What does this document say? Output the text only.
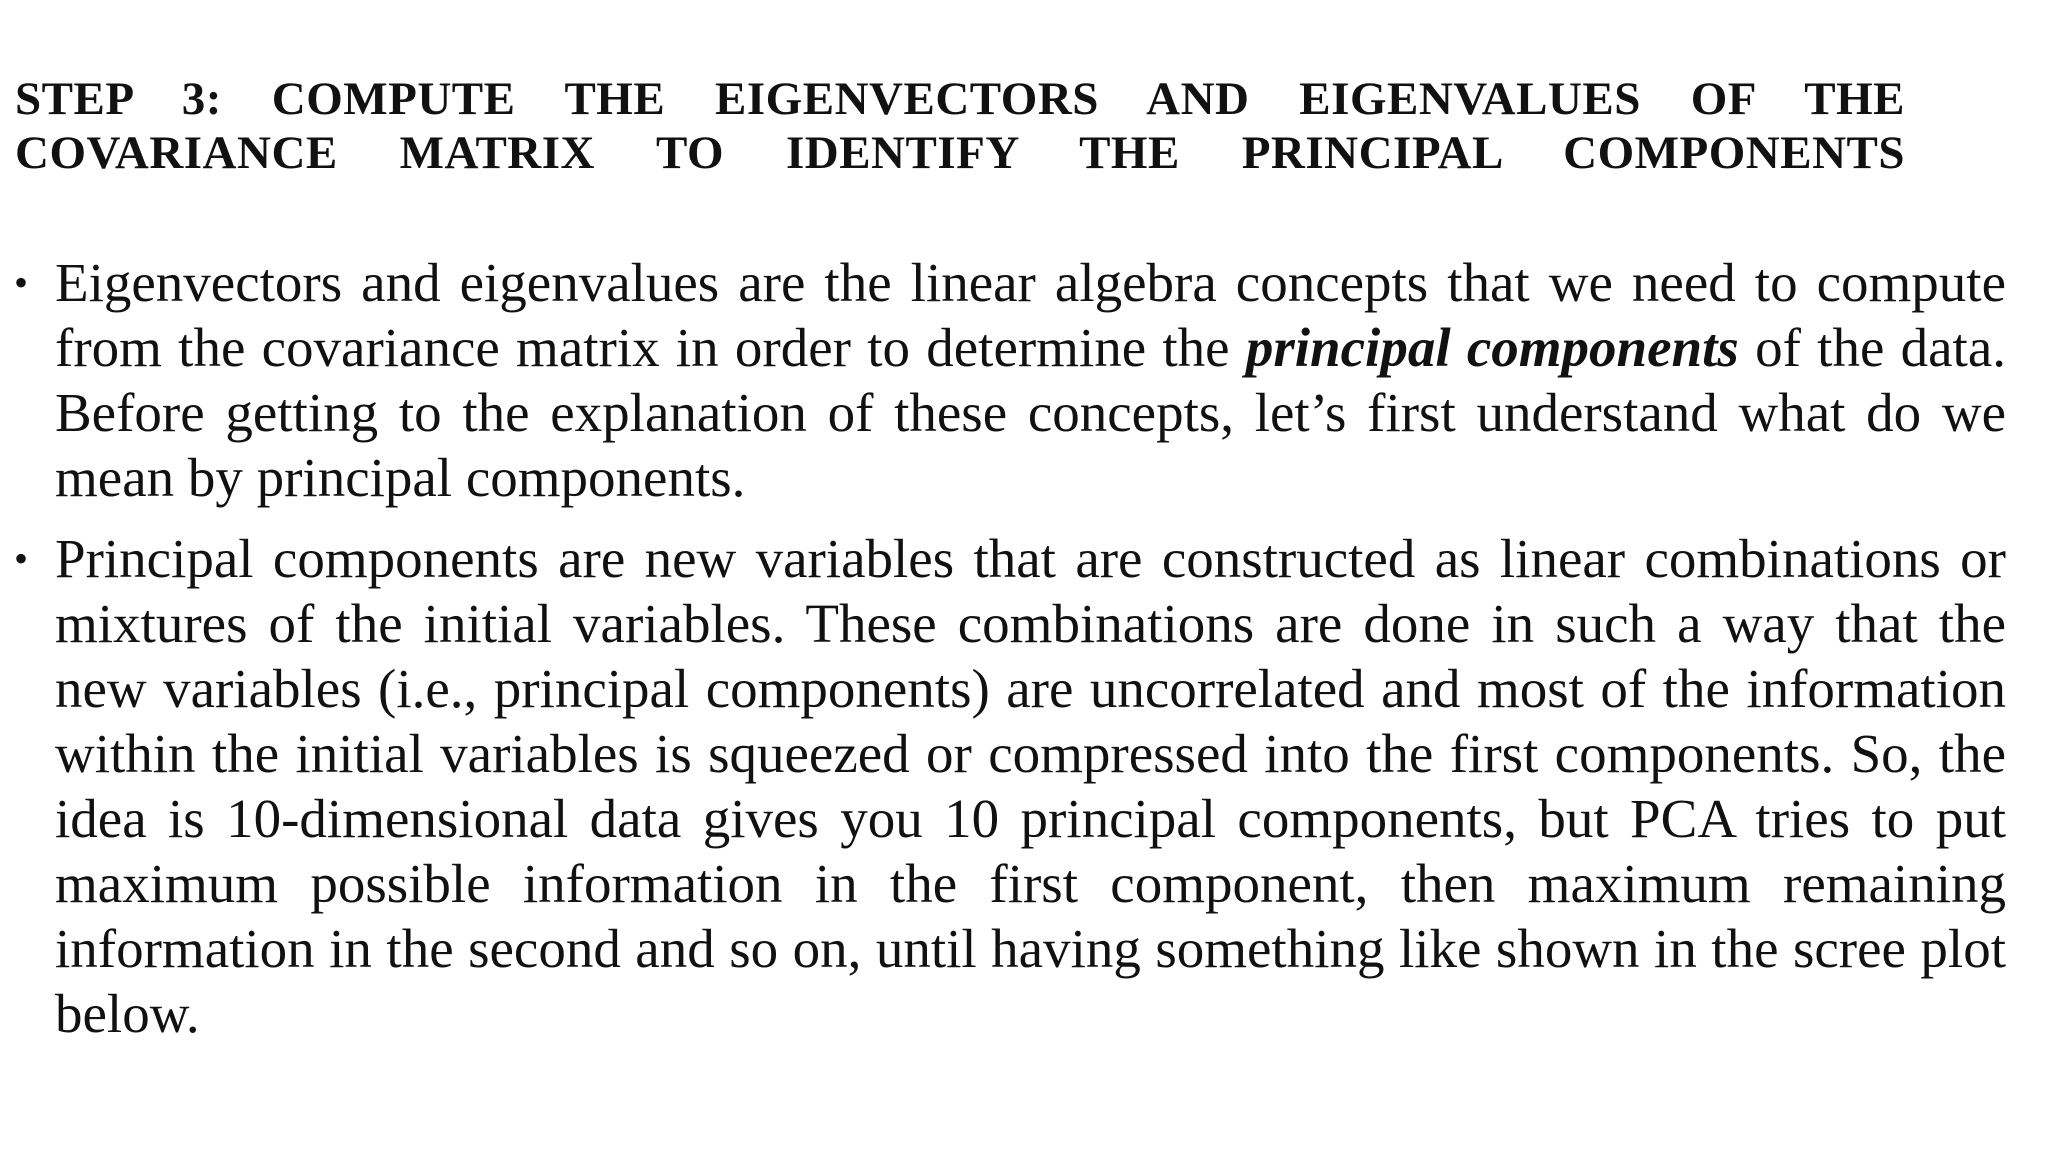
STEP 3: COMPUTE THE EIGENVECTORS AND EIGENVALUES OF THE
COVARIANCE MATRIX TO IDENTIFY THE PRINCIPAL COMPONENTS
• Eigenvectors and eigenvalues are the linear algebra concepts that we need to compute from the covariance matrix in order to determine the principal components of the data. Before getting to the explanation of these concepts, let’s first understand what do we mean by principal components.
• Principal components are new variables that are constructed as linear combinations or mixtures of the initial variables. These combinations are done in such a way that the new variables (i.e., principal components) are uncorrelated and most of the information within the initial variables is squeezed or compressed into the first components. So, the idea is 10-dimensional data gives you 10 principal components, but PCA tries to put maximum possible information in the first component, then maximum remaining information in the second and so on, until having something like shown in the scree plot below.
